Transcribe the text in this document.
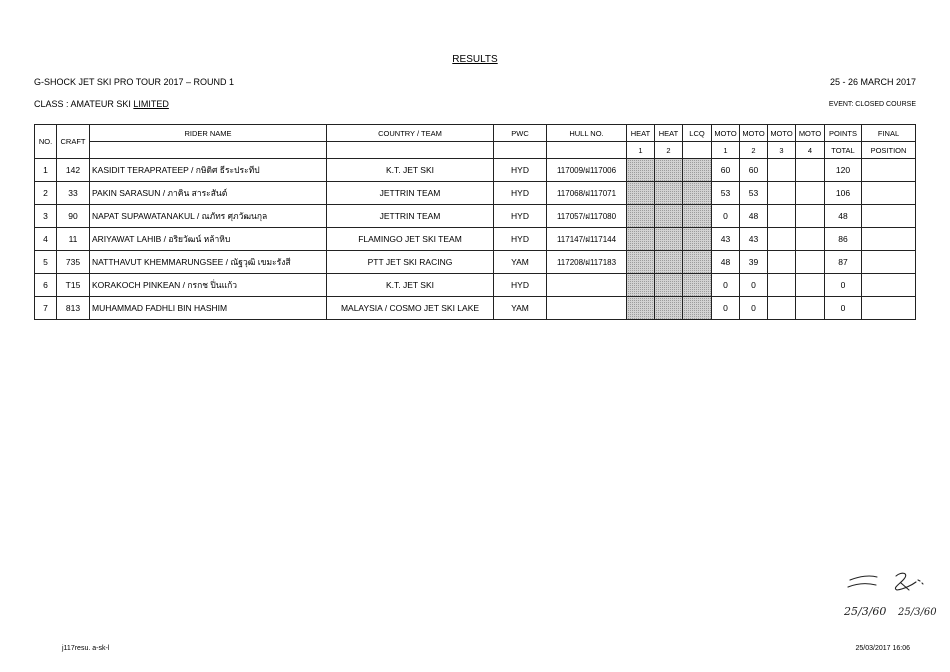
RESULTS
G-SHOCK JET SKI PRO TOUR 2017 – ROUND 1	25 - 26 MARCH 2017
CLASS : AMATEUR SKI LIMITED	EVENT: CLOSED COURSE
NO.	CRAFT	RIDER NAME	COUNTRY / TEAM	PWC	HULL NO.	HEAT	HEAT	LCQ	MOTO	MOTO	MOTO	MOTO	POINTS	FINAL
						1	2		1	2	3	4	TOTAL	POSITION
1	142	KASIDIT TERAPRATEEP / กษิดิศ ธีระประทีป	K.T. JET SKI	HYD	117009/ฝ117006				60	60			120	
2	33	PAKIN SARASUN / ภาคิน สาระสันต์	JETTRIN TEAM	HYD	117068/ฝ117071				53	53			106	
3	90	NAPAT SUPAWATANAKUL / ณภัทร ศุภวัฒนกุล	JETTRIN TEAM	HYD	117057/ฝ117080				0	48			48	
4	11	ARIYAWAT LAHIB / อริยวัฒน์ หล้าหิบ	FLAMINGO JET SKI TEAM	HYD	117147/ฝ117144				43	43			86	
5	735	NATTHAVUT KHEMMARUNGSEE / ณัฐวุฒิ เขมะรังสี	PTT JET SKI RACING	YAM	117208/ฝ117183				48	39			87	
6	T15	KORAKOCH PINKEAN / กรกช ปิ่นแก้ว	K.T. JET SKI	HYD					0	0			0	
7	813	MUHAMMAD FADHLI BIN HASHIM	MALAYSIA / COSMO JET SKI LAKE	YAM					0	0			0	
25/3/60 25/3/60
j117resu. a-sk-l	25/03/2017 16:06
